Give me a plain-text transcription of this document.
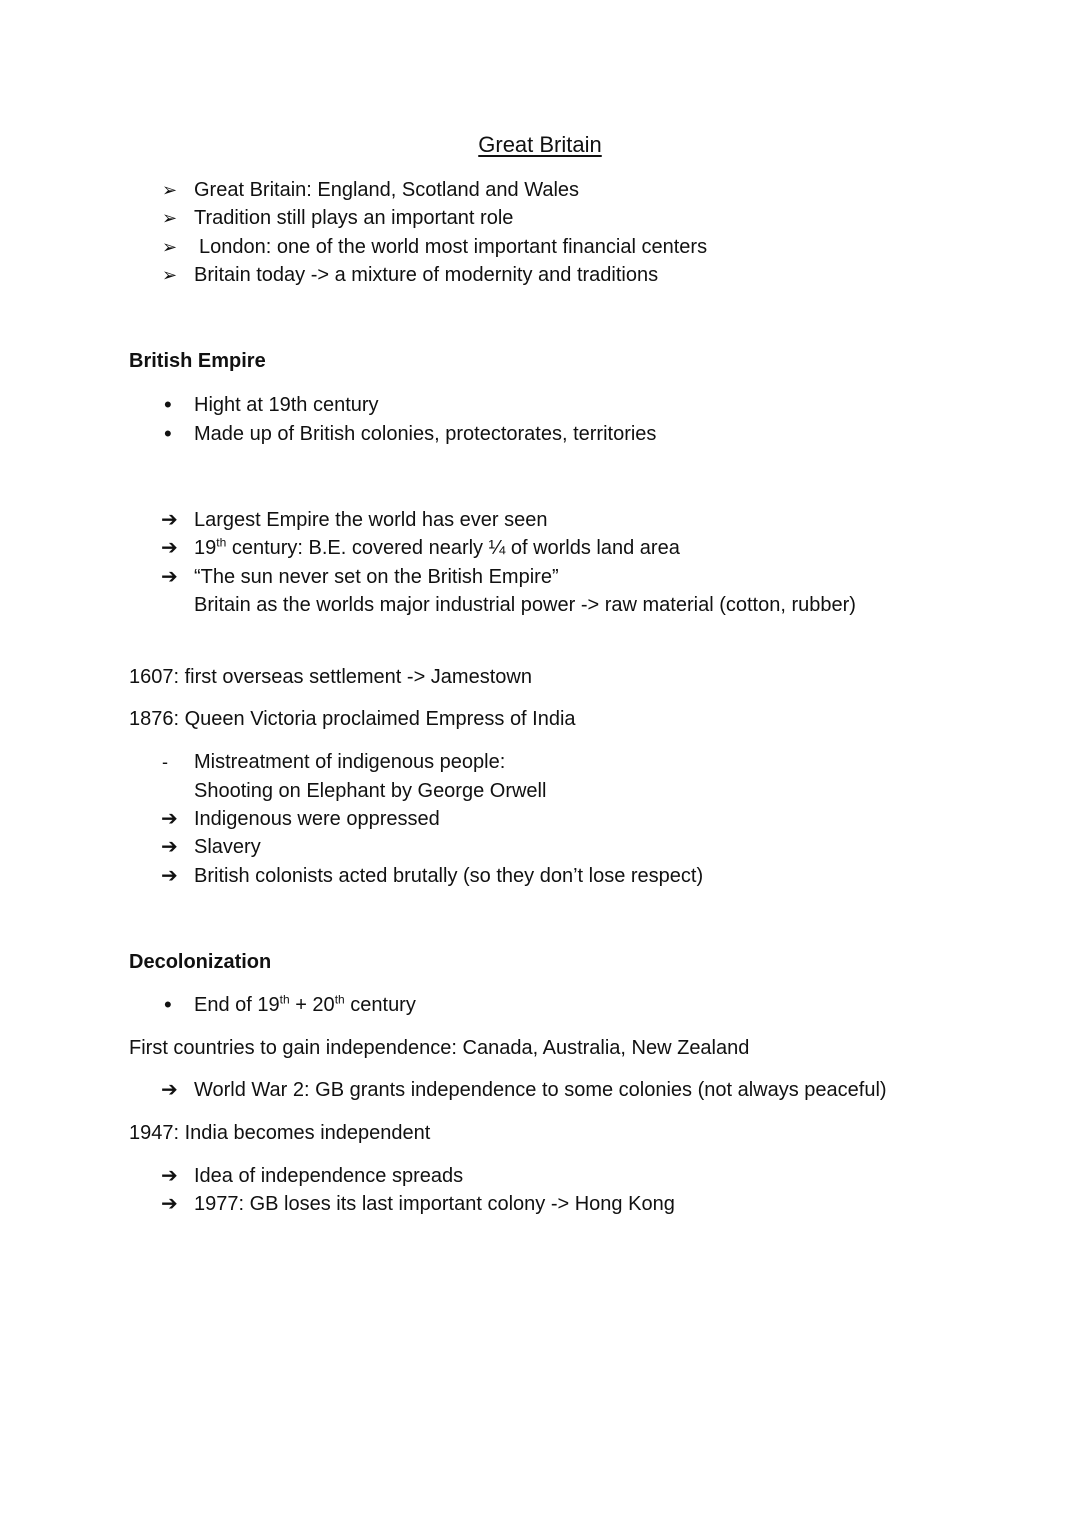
Great Britain
➢ Great Britain: England, Scotland and Wales
➢ Tradition still plays an important role
➢ London: one of the world most important financial centers
➢ Britain today -> a mixture of modernity and traditions
British Empire
• Hight at 19th century
• Made up of British colonies, protectorates, territories
➔ Largest Empire the world has ever seen
➔ 19th century: B.E. covered nearly ¼ of worlds land area
➔ “The sun never set on the British Empire”
Britain as the worlds major industrial power -> raw material (cotton, rubber)
1607: first overseas settlement -> Jamestown
1876: Queen Victoria proclaimed Empress of India
- Mistreatment of indigenous people:
Shooting on Elephant by George Orwell
➔ Indigenous were oppressed
➔ Slavery
➔ British colonists acted brutally (so they don’t lose respect)
Decolonization
• End of 19th + 20th century
First countries to gain independence: Canada, Australia, New Zealand
➔ World War 2: GB grants independence to some colonies (not always peaceful)
1947: India becomes independent
➔ Idea of independence spreads
➔ 1977: GB loses its last important colony -> Hong Kong
